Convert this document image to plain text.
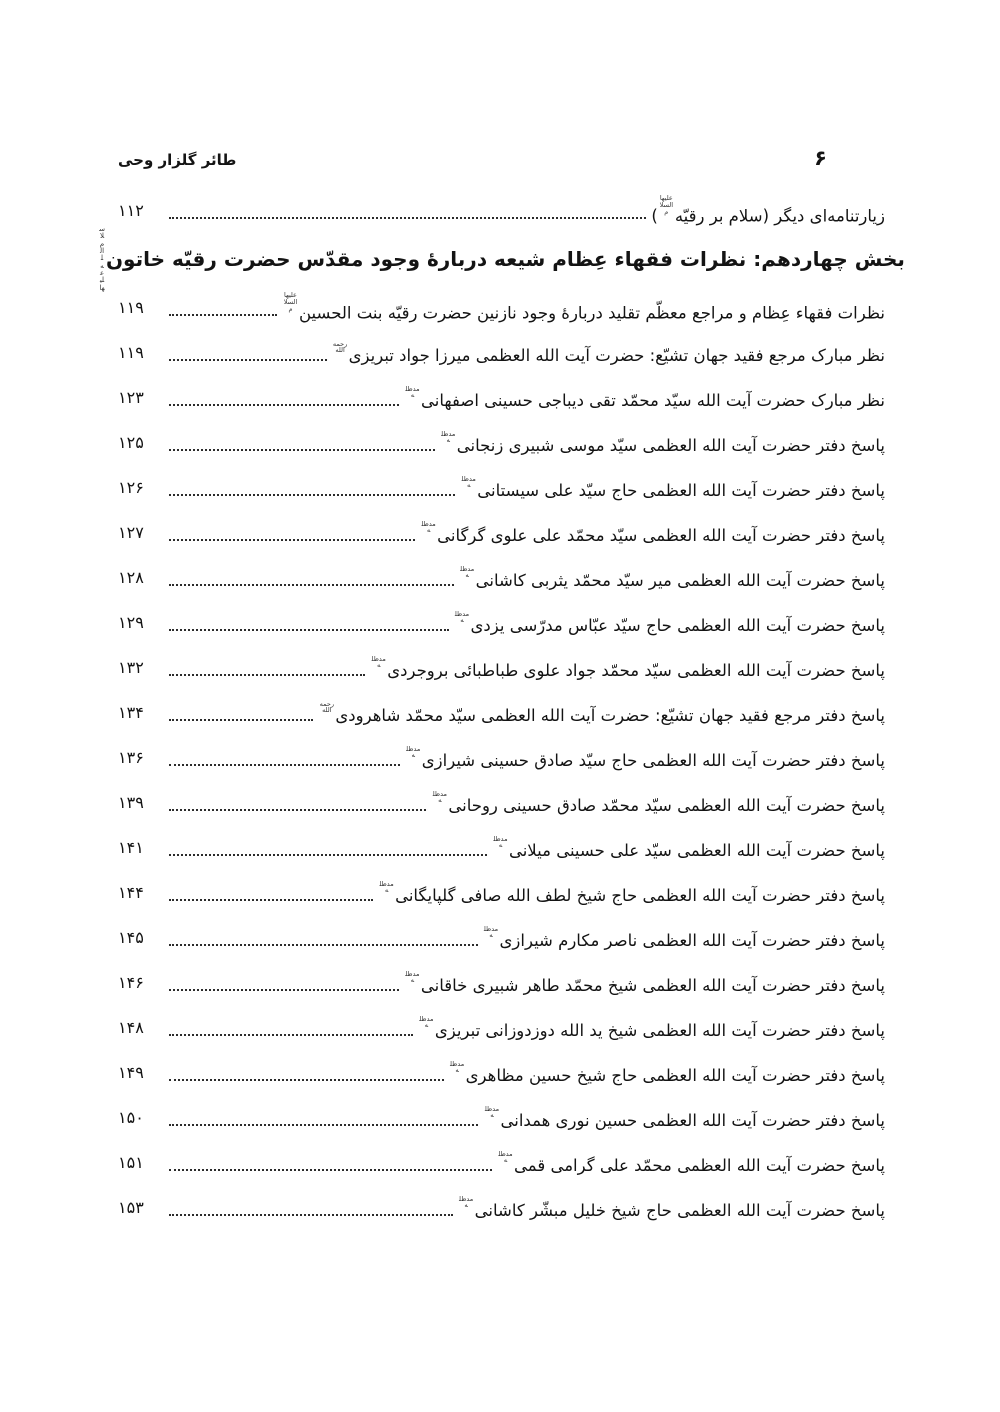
۶
طائر گلزار وحی
زیارتنامه‌ای دیگر (سلام بر رقیّهعلیها السلام)
۱۱۲
بخش چهاردهم: نظرات فقهاء عِظام شیعه دربارهٔ وجود مقدّس حضرت رقیّه خاتون
سلام الله علیها
نظرات فقهاء عِظام و مراجع معظّم تقلید دربارهٔ وجود نازنین حضرت رقیّه بنت الحسینعلیها السلام
۱۱۹
نظر مبارک مرجع فقید جهان تشیّع: حضرت آیت الله العظمی میرزا جواد تبریزیرحمه الله
۱۱۹
نظر مبارک حضرت آیت الله سیّد محمّد تقی دیباجی حسینی اصفهانیمدظله
۱۲۳
پاسخ دفتر حضرت آیت الله العظمی سیّد موسی شبیری زنجانیمدظله
۱۲۵
پاسخ دفتر حضرت آیت الله العظمی حاج سیّد علی سیستانیمدظله
۱۲۶
پاسخ دفتر حضرت آیت الله العظمی سیّد محمّد علی علوی گرگانیمدظله
۱۲۷
پاسخ حضرت آیت الله العظمی میر سیّد محمّد یثربی کاشانیمدظله
۱۲۸
پاسخ حضرت آیت الله العظمی حاج سیّد عبّاس مدرّسی یزدیمدظله
۱۲۹
پاسخ حضرت آیت الله العظمی سیّد محمّد جواد علوی طباطبائی بروجردیمدظله
۱۳۲
پاسخ دفتر مرجع فقید جهان تشیّع: حضرت آیت الله العظمی سیّد محمّد شاهرودیرحمه الله
۱۳۴
پاسخ دفتر حضرت آیت الله العظمی حاج سیّد صادق حسینی شیرازیمدظله
۱۳۶
پاسخ حضرت آیت الله العظمی سیّد محمّد صادق حسینی روحانیمدظله
۱۳۹
پاسخ حضرت آیت الله العظمی سیّد علی حسینی میلانیمدظله
۱۴۱
پاسخ دفتر حضرت آیت الله العظمی حاج شیخ لطف الله صافی گلپایگانیمدظله
۱۴۴
پاسخ دفتر حضرت آیت الله العظمی ناصر مکارم شیرازیمدظله
۱۴۵
پاسخ دفتر حضرت آیت الله العظمی شیخ محمّد طاهر شبیری خاقانیمدظله
۱۴۶
پاسخ دفتر حضرت آیت الله العظمی شیخ ید الله دوزدوزانی تبریزیمدظله
۱۴۸
پاسخ دفتر حضرت آیت الله العظمی حاج شیخ حسین مظاهریمدظله
۱۴۹
پاسخ دفتر حضرت آیت الله العظمی حسین نوری همدانیمدظله
۱۵۰
پاسخ حضرت آیت الله العظمی محمّد علی گرامی قمیمدظله
۱۵۱
پاسخ حضرت آیت الله العظمی حاج شیخ خلیل مبشّر کاشانیمدظله
۱۵۳
